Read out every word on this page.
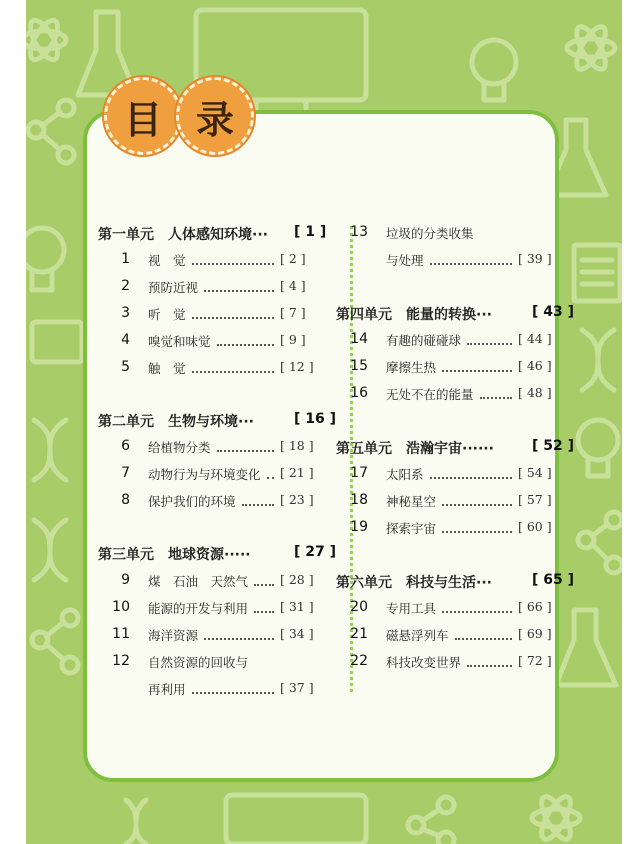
目 录
第一单元　人体感知环境··· [ 1 ]
1 视　觉	[ 2 ]
2 预防近视	[ 4 ]
3 听　觉	[ 7 ]
4 嗅觉和味觉	[ 9 ]
5 触　觉	[ 12 ]
第二单元　生物与环境···	[ 16 ]
6 给植物分类	[ 18 ]
7 动物行为与环境变化 [ 21 ]
8 保护我们的环境	[ 23 ]
第三单元　地球资源·····	[ 27 ]
9 煤　石油　天然气	[ 28 ]
10 能源的开发与利用	[ 31 ]
11 海洋资源	[ 34 ]
12 自然资源的回收与
再利用	[ 37 ]
13 垃圾的分类收集
与处理	[ 39 ]
第四单元　能量的转换···	[ 43 ]
14 有趣的碰碰球	[ 44 ]
15 摩擦生热	[ 46 ]
16 无处不在的能量	[ 48 ]
第五单元　浩瀚宇宙······	[ 52 ]
17 太阳系	[ 54 ]
18 神秘星空	[ 57 ]
19 探索宇宙	[ 60 ]
第六单元　科技与生活···	[ 65 ]
20 专用工具	[ 66 ]
21 磁悬浮列车	[ 69 ]
22 科技改变世界	[ 72 ]
